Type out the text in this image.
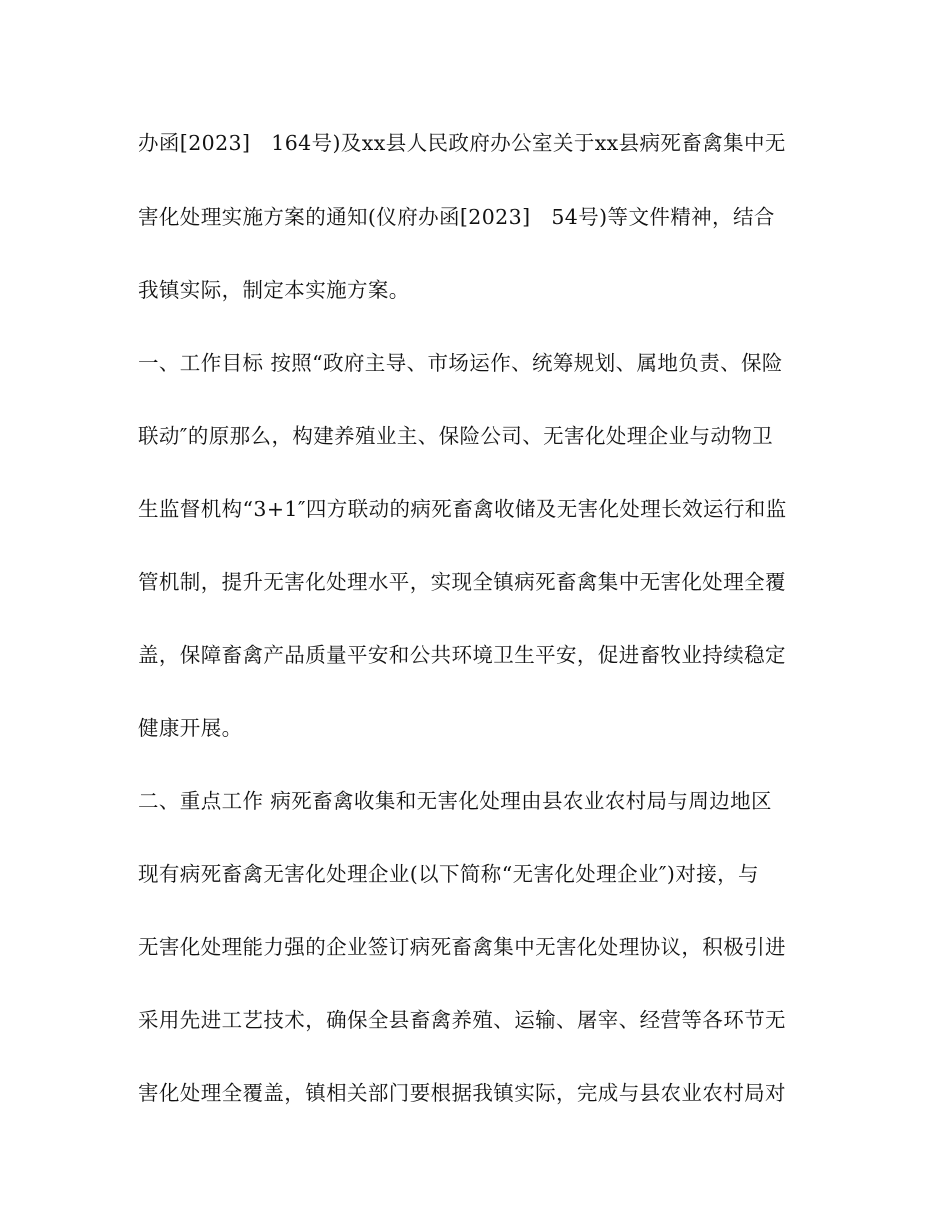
办函[2023]　164号)及xx县人民政府办公室关于xx县病死畜禽集中无

害化处理实施方案的通知(仪府办函[2023]　54号)等文件精神，结合

我镇实际，制定本实施方案。

一、工作目标 按照“政府主导、市场运作、统筹规划、属地负责、保险

联动″的原那么，构建养殖业主、保险公司、无害化处理企业与动物卫

生监督机构“3+1″四方联动的病死畜禽收储及无害化处理长效运行和监

管机制，提升无害化处理水平，实现全镇病死畜禽集中无害化处理全覆

盖，保障畜禽产品质量平安和公共环境卫生平安，促进畜牧业持续稳定

健康开展。

二、重点工作 病死畜禽收集和无害化处理由县农业农村局与周边地区

现有病死畜禽无害化处理企业(以下简称“无害化处理企业″)对接，与

无害化处理能力强的企业签订病死畜禽集中无害化处理协议，积极引进

采用先进工艺技术，确保全县畜禽养殖、运输、屠宰、经营等各环节无

害化处理全覆盖，镇相关部门要根据我镇实际，完成与县农业农村局对
